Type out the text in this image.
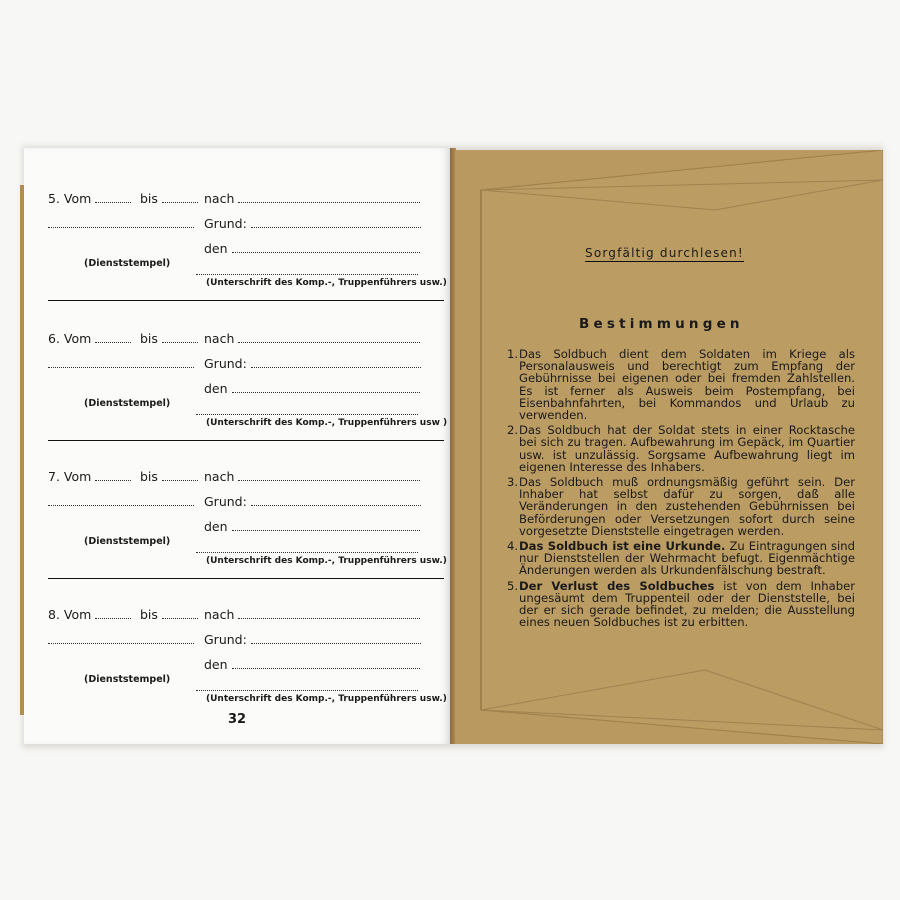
5. Vom	bis	nach
Grund:
den
(Dienststempel)
(Unterschrift des Komp.-, Truppenführers usw.)
6. Vom	bis	nach
Grund:
den
(Dienststempel)
(Unterschrift des Komp.-, Truppenführers usw )
7. Vom	bis	nach
Grund:
den
(Dienststempel)
(Unterschrift des Komp.-, Truppenführers usw.)
8. Vom	bis	nach
Grund:
den
(Dienststempel)
(Unterschrift des Komp.-, Truppenführers usw.)
32
Sorgfältig durchlesen!
Bestimmungen
1. Das Soldbuch dient dem Soldaten im Kriege als Personalausweis und berechtigt zum Empfang der Gebührnisse bei eigenen oder bei fremden Zahlstellen. Es ist ferner als Ausweis beim Postempfang, bei Eisenbahnfahrten, bei Kommandos und Urlaub zu verwenden.
2. Das Soldbuch hat der Soldat stets in einer Rocktasche bei sich zu tragen. Aufbewahrung im Gepäck, im Quartier usw. ist unzulässig. Sorgsame Aufbewahrung liegt im eigenen Interesse des Inhabers.
3. Das Soldbuch muß ordnungsmäßig geführt sein. Der Inhaber hat selbst dafür zu sorgen, daß alle Veränderungen in den zustehenden Gebührnissen bei Beförderungen oder Versetzungen sofort durch seine vorgesetzte Dienststelle eingetragen werden.
4. Das Soldbuch ist eine Urkunde. Zu Eintragungen sind nur Dienststellen der Wehrmacht befugt. Eigenmächtige Änderungen werden als Urkundenfälschung bestraft.
5. Der Verlust des Soldbuches ist von dem Inhaber ungesäumt dem Truppenteil oder der Dienststelle, bei der er sich gerade befindet, zu melden; die Ausstellung eines neuen Soldbuches ist zu erbitten.
